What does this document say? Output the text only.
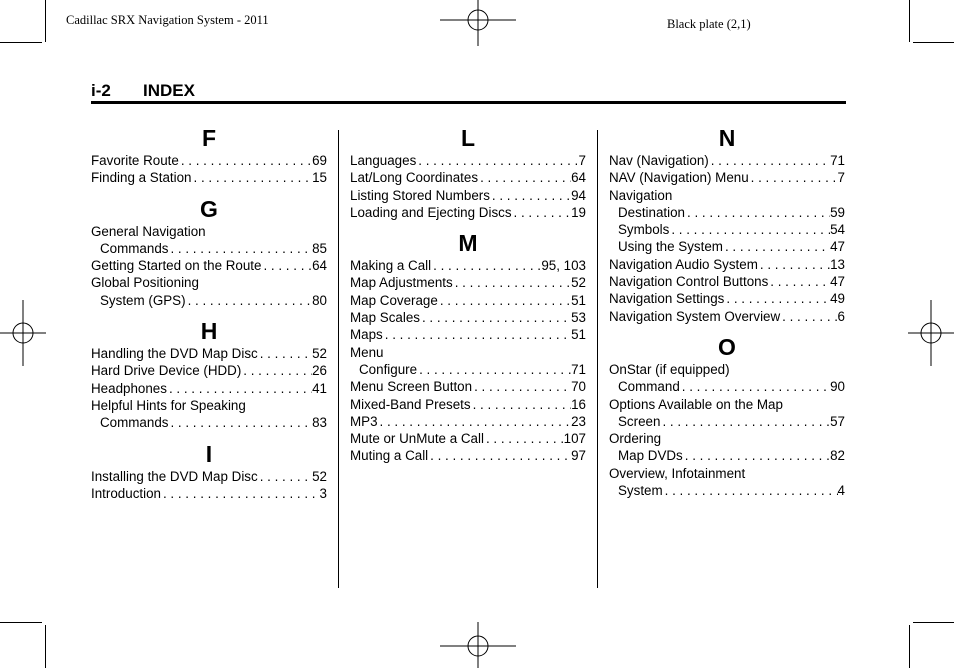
Cadillac SRX Navigation System - 2011	Black plate (2,1)
i-2 INDEX
F
Favorite Route . . .	69
Finding a Station . . .	15
G
General Navigation
Commands . . .	85
Getting Started on the Route . . .	64
Global Positioning
System (GPS) . . .	80
H
Handling the DVD Map Disc . . .	52
Hard Drive Device (HDD) . . .	26
Headphones . . .	41
Helpful Hints for Speaking
Commands . . .	83
I
Installing the DVD Map Disc . . .	52
Introduction . . .	3
L
Languages . . .	7
Lat/Long Coordinates . . .	64
Listing Stored Numbers . . .	94
Loading and Ejecting Discs . . .	19
M
Making a Call . . .	95, 103
Map Adjustments . . .	52
Map Coverage . . .	51
Map Scales . . .	53
Maps . . .	51
Menu
Configure . . .	71
Menu Screen Button . . .	70
Mixed-Band Presets . . .	16
MP3 . . .	23
Mute or UnMute a Call . . .	107
Muting a Call . . .	97
N
Nav (Navigation) . . .	71
NAV (Navigation) Menu . . .	7
Navigation
Destination . . .	59
Symbols . . .	54
Using the System . . .	47
Navigation Audio System . . .	13
Navigation Control Buttons . . .	47
Navigation Settings . . .	49
Navigation System Overview . . .	6
O
OnStar (if equipped)
Command . . .	90
Options Available on the Map
Screen . . .	57
Ordering
Map DVDs . . .	82
Overview, Infotainment
System . . .	4
